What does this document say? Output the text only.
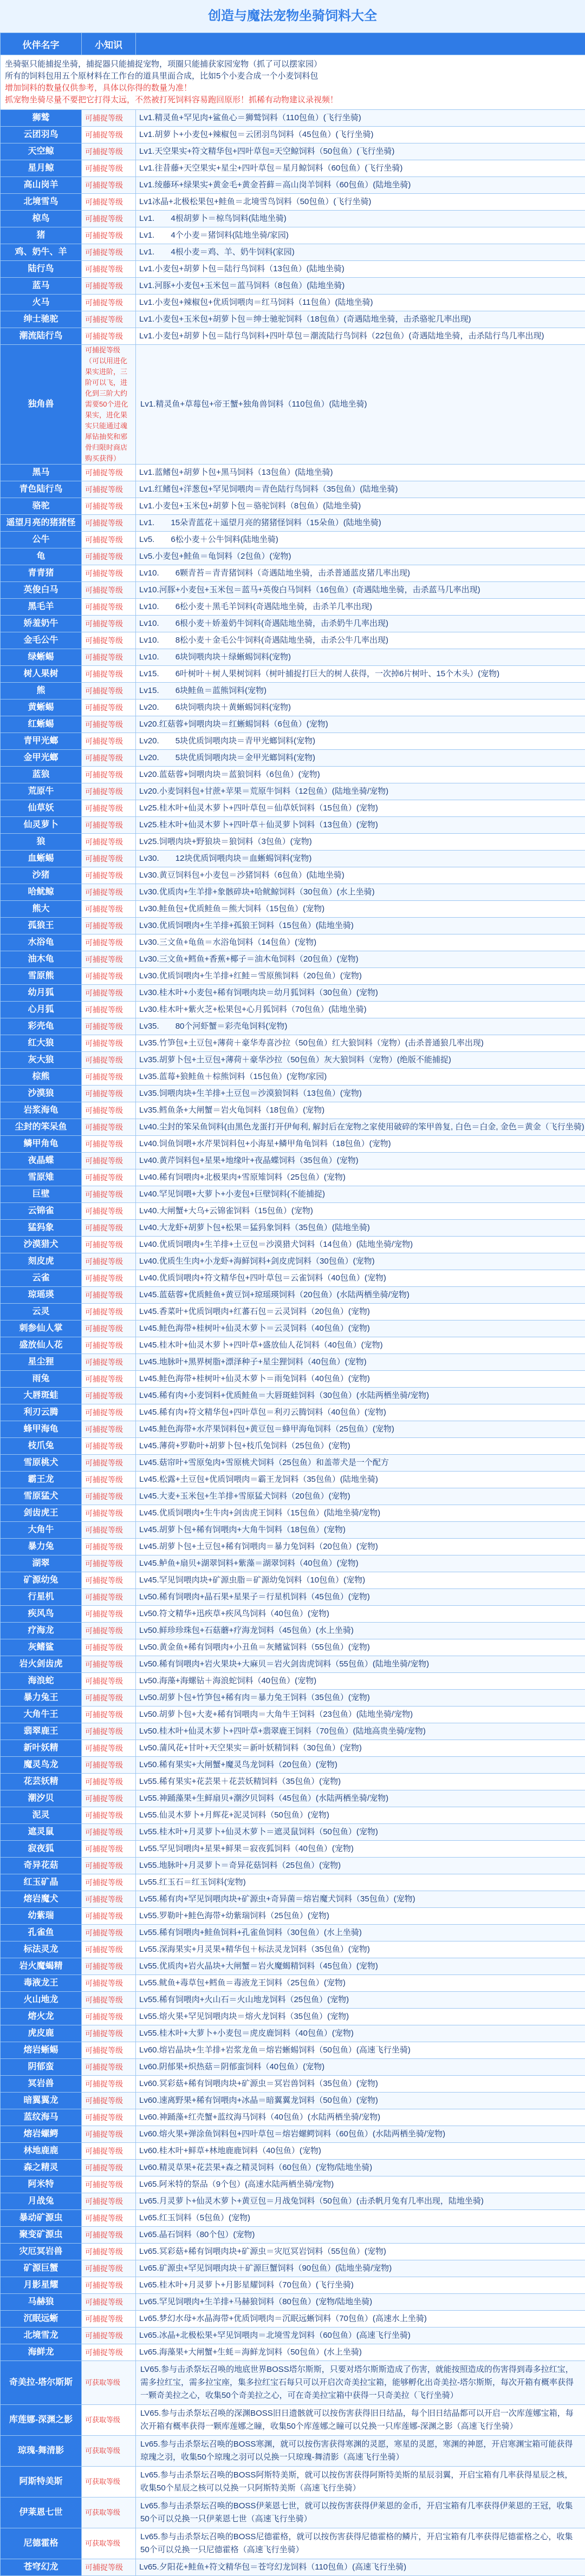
创造与魔法宠物坐骑饲料大全
伙伴名字	小知识	

坐骑驱只能捕捉坐骑，捕捉器只能捕捉宠物，项圈只能捕获家园宠物（抓了可以摆家园）
所有的饲料包用五个原材料在工作台的道具里面合成，比如5个小麦合成一个小麦饲料包
增加饲料的数量仅供参考，具体以你得的数量为准！
抓宠物坐骑尽量不要把它打得太远，不然被打死饲料容易跑回原形！抓稀有动物建议录视频！		

狮鹫	可捕捉等级	Lv1.精灵鱼+罕见肉+鲨鱼心＝狮鹫饲料（110包鱼）(飞行坐骑)
云团羽鸟	可捕捉等级	Lv1.胡萝卜+小麦包+辣椒包＝云团羽鸟饲料（45包鱼）(飞行坐骑)
天空鲸	可捕捉等级	Lv1.天空果实+符文精华包+四叶草包=天空鲸饲料（50包鱼）(飞行坐骑)
星月鲸	可捕捉等级	Lv1.往昔藤+天空果实+星尘+四叶草包＝星月鲸饲料（60包鱼）(飞行坐骑)
高山岗羊	可捕捉等级	Lv1.绫藤环+绿果实+黄金毛+黄金苔藓＝高山岗羊饲料（60包鱼）(陆地坐骑)
北境雪鸟	可捕捉等级	Lv1冰晶+北极松果包+鲑鱼＝北境雪鸟饲料（50包鱼）(飞行坐骑)
椋鸟	可捕捉等级	Lv1.　　4根胡萝卜＝椋鸟饲料(陆地坐骑)
猪	可捕捉等级	Lv1.　　4个小麦＝猪饲料(陆地坐骑/家园)
鸡、奶牛、羊	可捕捉等级	Lv1.　　4根小麦＝鸡、羊、奶牛饲料(家园)
陆行鸟	可捕捉等级	Lv1.小麦包+胡萝卜包＝陆行鸟饲料（13包鱼）(陆地坐骑)
蓝马	可捕捉等级	Lv1.河豚+小麦包+玉米包＝蓝马饲料（8包鱼）(陆地坐骑)
火马	可捕捉等级	Lv1.小麦包+辣椒包+优质饲喂肉＝红马饲料（11包鱼）(陆地坐骑)
绅士驰驼	可捕捉等级	Lv1.小麦包+玉米包+胡萝卜包＝绅士驰驼饲料（18包鱼）(奇遇陆地坐骑，击杀骆驼几率出现)
潮流陆行鸟	可捕捉等级	Lv1.小麦包+胡萝卜包＝陆行鸟饲料+四叶草包＝潮流陆行鸟饲料（22包鱼）(奇遇陆地坐骑，击杀陆行鸟几率出现)
独角兽	可捕捉等级（可以用进化果实进阶，三阶可以飞，进化到三阶大约需要50个进化果实，进化果实只能通过魂犀钻抽奖和邪骨归限时商店购买获得）	Lv1.精灵鱼+草莓包+帝王蟹+独角兽饲料（110包鱼）(陆地坐骑)
黑马	可捕捉等级	Lv1.蓝鳍包+胡萝卜包+黑马饲料（13包鱼）(陆地坐骑)
青色陆行鸟	可捕捉等级	Lv1.红鳍包+洋葱包+罕见饲喂肉＝青色陆行鸟饲料（35包鱼）(陆地坐骑)
骆驼	可捕捉等级	Lv1.小麦包+玉米包+胡萝卜包＝骆驼饲料（8包鱼）(陆地坐骑)
遥望月亮的猪猪怪	可捕捉等级	Lv1.　　15朵青蓝花＋遥望月亮的猪猪怪饲料（15朵鱼）(陆地坐骑)
公牛	可捕捉等级	Lv5.　　6松小麦＋公牛饲料(陆地坐骑)
龟	可捕捉等级	Lv5.小麦包+鲑鱼＝龟饲料（2包鱼）(宠物)
青青猪	可捕捉等级	Lv10.　　6颗青苔＝青青猪饲料（奇遇陆地坐骑，击杀普通蓝皮猪几率出现)
英俊白马	可捕捉等级	Lv10.河豚+小麦包+玉米包＝蓝马+英俊白马饲料（16包鱼）(奇遇陆地坐骑，击杀蓝马几率出现)
黑毛羊	可捕捉等级	Lv10.　　6松小麦＋黑毛羊饲料(奇遇陆地坐骑，击杀羊几率出现)
娇羞奶牛	可捕捉等级	Lv10.　　6根小麦＋娇羞奶牛饲料(奇遇陆地坐骑，击杀奶牛几率出现)
金毛公牛	可捕捉等级	Lv10.　　8松小麦＋金毛公牛饲料(奇遇陆地坐骑，击杀公牛几率出现)
绿蜥蜴	可捕捉等级	Lv10.　　6块饲喂肉块＋绿蜥蜴饲料(宠物)
树人果树	可捕捉等级	Lv15.　　6叶树叶＋树人果树饲料（树叶捕捉打巨大的树人获得，一次掉6片树叶、15个木头）(宠物)
熊	可捕捉等级	Lv15.　　6块鲑鱼＝蓝熊饲料(宠物)
黄蜥蜴	可捕捉等级	Lv20.　　6块饲喂肉块＋黄蜥蜴饲料(宠物)
红蜥蜴	可捕捉等级	Lv20.红菇蓉+饲喂肉块＝红蜥蜴饲料（6包鱼）(宠物)
青甲光螂	可捕捉等级	Lv20.　　5块优质饲喂肉块＝青甲光螂饲料(宠物)
金甲光螂	可捕捉等级	Lv20.　　5块优质饲喂肉块＝金甲光螂饲料(宠物)
蓝狼	可捕捉等级	Lv20.蓝菇蓉+饲喂肉块＝蓝狼饲料（6包鱼）(宠物)
荒原牛	可捕捉等级	Lv20.小麦饲料包+甘蔗+苹果＝荒原牛饲料（12包鱼）(陆地坐骑/宠物)
仙草妖	可捕捉等级	Lv25.桂木叶+仙灵木萝卜+四叶草包＝仙草妖饲料（15包鱼）(宠物)
仙灵萝卜	可捕捉等级	Lv25.桂木叶+仙灵木萝卜+四叶草＋仙灵萝卜饲料（13包鱼）(宠物)
狼	可捕捉等级	Lv25.饲喂肉块+野狼块＝狼饲料（3包鱼）(宠物)
血蜥蜴	可捕捉等级	Lv30.　　12块优质饲喂肉块＝血蜥蜴饲料(宠物)
沙猪	可捕捉等级	Lv30.黄豆饲料包+小麦包＝沙猪饲料（6包鱼）(陆地坐骑)
哈鱿鲸	可捕捉等级	Lv30.优质肉+生羊排+象骸碎块+哈鱿鲸饲料（30包鱼）(水上坐骑)
熊大	可捕捉等级	Lv30.鲑鱼包+优质鲑鱼＝熊大饲料（15包鱼）(宠物)
孤狼王	可捕捉等级	Lv30.优质饲喂肉+生羊排+孤狼王饲料（15包鱼）(陆地坐骑)
水浴龟	可捕捉等级	Lv30.三文鱼+龟鱼＝水浴龟饲料（14包鱼）(宠物)
油木龟	可捕捉等级	Lv30.三文鱼+鳕鱼+香蕉+椰子＝油木龟饲料（20包鱼）(宠物)
雪原熊	可捕捉等级	Lv30.优质饲喂肉+生羊排+红鲑＝雪原熊饲料（20包鱼）(宠物)
幼月狐	可捕捉等级	Lv30.桂木叶+小麦包+稀有饲喂肉块＝幼月狐饲料（30包鱼）(宠物)
心月狐	可捕捉等级	Lv30.桂木叶+紫火芝+松果包+心月狐饲料（70包鱼）(陆地坐骑)
彩壳龟	可捕捉等级	Lv35.　　80个河虾蟹＝彩壳龟饲料(宠物)
红大狼	可捕捉等级	Lv35.竹笋包+土豆包+薄荷＋豪华寿喜沙拉（50包鱼）红大狼饲料（宠物）(击杀普通狼几率出现)
灰大狼	可捕捉等级	Lv35.胡萝卜包+土豆包+薄荷＋豪华沙拉（50包鱼）灰大狼饲料（宠物）(绝版不能捕捉)
棕熊	可捕捉等级	Lv35.蓝莓+狼鲑鱼＋棕熊饲料（15包鱼）(宠物/家园)
沙漠狼	可捕捉等级	Lv35.饲喂肉块+生羊排+土豆包＝沙漠狼饲料（13包鱼）(宠物)
岩浆海龟	可捕捉等级	Lv35.鳕鱼条+大闸蟹＝岩火龟饲料（18包鱼）(宠物)
尘封的笨呆鱼	可捕捉等级	Lv40.尘封的笨呆鱼饲料(由黑色龙蛋打开伊甸利, 解封后在宠物之家使用破碎的笨甲兽复, 白色＝白金, 金色＝黄金（飞行坐骑)
鳞甲角龟	可捕捉等级	Lv40.饲鱼饲喂+水芹果饲料包+小海星+鳞甲角龟饲料（18包鱼）(宠物)
夜晶蝶	可捕捉等级	Lv40.黄芹饲料包+星果+地缘叶+夜晶蝶饲料（35包鱼）(宠物)
雪原雉	可捕捉等级	Lv40.稀有饲喂肉+北极果肉+雪原雉饲料（25包鱼）(宠物)
巨壁	可捕捉等级	Lv40.罕见饲喂+大萝卜+小麦包+巨壁饲料(不能捕捉)
云锦雀	可捕捉等级	Lv40.大闸蟹+大乌+云锦雀饲料（15包鱼）(宠物)
猛犸象	可捕捉等级	Lv40.大龙虾+胡萝卜包+松果＝猛犸象饲料（35包鱼）(陆地坐骑)
沙漠猎犬	可捕捉等级	Lv40.优质饲喂肉+生羊排+土豆包＝沙漠猎犬饲料（14包鱼）(陆地坐骑/宠物)
刻皮虎	可捕捉等级	Lv40.优质生生肉+小龙虾+海鲜饲料+剑皮虎饲料（30包鱼）(宠物)
云雀	可捕捉等级	Lv40.优质饲喂肉+符文精华包+四叶草包＝云雀饲料（40包鱼）(宠物)
琼瑶瑛	可捕捉等级	Lv45.蓝菇蓉+优质鲑鱼+黄豆饲+琼瑶瑛饲料（20包鱼）(水陆两栖坐骑/宠物)
云灵	可捕捉等级	Lv45.香菜叶+优质饲喂肉+红蕃石包＝云灵饲料（20包鱼）(宠物)
刺参仙人掌	可捕捉等级	Lv45.鲑色海带+桂树叶+仙灵木萝卜＝云灵饲料（40包鱼）(宠物)
盛放仙人花	可捕捉等级	Lv45.桂木叶+仙灵木萝卜+四叶草+盛放仙人花饲料（40包鱼）(宠物)
星尘狸	可捕捉等级	Lv45.地脉叶+黑界树脂+漂泽种子+星尘狸饲料（40包鱼）(宠物)
雨兔	可捕捉等级	Lv45.鲑色海带+桂树叶+仙灵木萝卜＝雨兔饲料（40包鱼）(宠物)
大唇斑蛙	可捕捉等级	Lv45.稀有肉+小麦饲料+优质鲑鱼＝大唇斑蛙饲料（30包鱼）(水陆两栖坐骑/宠物)
利刃云腾	可捕捉等级	Lv45.稀有肉+符文精华包+四叶草包＝利刃云腾饲料（40包鱼）(宠物)
蜂甲海龟	可捕捉等级	Lv45.鲑色海带+水芹果饲料包+黄豆包＝蜂甲海龟饲料（25包鱼）(宠物)
枝爪兔	可捕捉等级	Lv45.薄荷+罗勒叶+胡萝卜包+枝爪兔饲料（25包鱼）(宠物)
雪原桃犬	可捕捉等级	Lv45.菇帘叶+雪原兔肉+雪原桃犬饲料（25包鱼）和盖蒂犬是一个配方
霸王龙	可捕捉等级	Lv45.松露+土豆包+优质饲喂肉＝霸王龙饲料（35包鱼）(陆地坐骑)
雪原猛犬	可捕捉等级	Lv45.大麦+玉米包+生羊排+雪原猛犬饲料（20包鱼）(宠物)
剑齿虎王	可捕捉等级	Lv45.优质饲喂肉+生牛肉+剑齿虎王饲料（15包鱼）(陆地坐骑/宠物)
大角牛	可捕捉等级	Lv45.胡萝卜包+稀有饲喂肉+大角牛饲料（18包鱼）(宠物)
暴力兔	可捕捉等级	Lv45.胡萝卜包+土豆包+稀有饲喂肉＝暴力兔饲料（20包鱼）(宠物)
湖翠	可捕捉等级	Lv45.鲈鱼+扇贝+湖翠饲料+紫藻＝湖翠饲料（40包鱼）(宠物)
矿源幼兔	可捕捉等级	Lv45.罕见饲喂肉块+矿源虫脂＝矿源幼兔饲料（10包鱼）(宠物)
行星机	可捕捉等级	Lv50.稀有饲喂肉+晶石果+星果子＝行星机饲料（45包鱼）(宠物)
疾风鸟	可捕捉等级	Lv50.符文精华+迅疾草+疾风鸟饲料（40包鱼）(宠物)
疗海龙	可捕捉等级	Lv50.鲜珍珍珠包+石菇蘑+疗海龙饲料（45包鱼）(水上坐骑)
灰鳍鲨	可捕捉等级	Lv50.黄金鱼+稀有饲喂肉+小丑鱼＝灰鳍鲨饲料（55包鱼）(宠物)
岩火剑齿虎	可捕捉等级	Lv50.稀有饲喂肉+岩火果块+大麻贝＝岩火剑齿虎饲料（55包鱼）(陆地坐骑/宠物)
海浪蛇	可捕捉等级	Lv50.海藻+海螺钻＋海浪蛇饲料（40包鱼）(宠物)
暴力兔王	可捕捉等级	Lv50.胡萝卜包+竹笋包+稀有肉＝暴力兔王饲料（35包鱼）(宠物)
大角牛王	可捕捉等级	Lv50.胡萝卜包+大麦+稀有饲喂肉＝大角牛王饲料（23包鱼）(陆地坐骑/宠物)
翡翠鹿王	可捕捉等级	Lv50.桂木叶+仙灵木萝卜+四叶草+翡翠鹿王饲料（70包鱼）(陆地高贵坐骑/宠物)
新叶妖精	可捕捉等级	Lv50.蒲风花+甘叶+天空果实＝新叶妖精饲料（30包鱼）(宠物)
魔灵鸟龙	可捕捉等级	Lv50.稀有果实+大闸蟹+魔灵鸟龙饲料（20包鱼）(宠物)
花芸妖精	可捕捉等级	Lv55.稀有果实+花芸果＋花芸妖精饲料（35包鱼）(宠物)
潮汐贝	可捕捉等级	Lv55.神踊藻果+生鲜扇贝+潮汐贝饲料（45包鱼）(水陆两栖坐骑/宠物)
泥灵	可捕捉等级	Lv55.仙灵木萝卜+月辉花+泥灵饲料（50包鱼）(宠物)
遮灵鼠	可捕捉等级	Lv55.桂木叶+月灵萝卜+仙灵木萝卜＝遮灵鼠饲料（50包鱼）(宠物)
寂夜狐	可捕捉等级	Lv55.罕见饲喂肉+星果+鲜果＝寂夜狐饲料（40包鱼）(宠物)
奇异花菇	可捕捉等级	Lv55.地脉叶+月灵萝卜＝奇异花菇饲料（25包鱼）(宠物)
红玉矿晶	可捕捉等级	Lv55.红玉石＝红玉饲料(宠物)
熔岩魔犬	可捕捉等级	Lv55.稀有肉+罕见饲喂肉块+矿源虫+奇异菌＝熔岩魔犬饲料（35包鱼）(宠物)
幼紫瑞	可捕捉等级	Lv55.罗勒叶+鲑色海带+幼紫瑞饲料（25包鱼）(宠物)
孔雀鱼	可捕捉等级	Lv55.稀有饲喂肉+鲑鱼饲料+孔雀鱼饲料（30包鱼）(水上坐骑)
标法灵龙	可捕捉等级	Lv55.深海果实+月灵果+精华包＋标法灵龙饲料（35包鱼）(宠物)
岩火魔蝎精	可捕捉等级	Lv55.优质肉+岩火晶块+大闸蟹＝岩火魔蝎精饲料（45包鱼）(宠物)
毒液龙王	可捕捉等级	Lv55.鱿鱼+毒草包+鳕鱼＝毒液龙王饲料（25包鱼）(宠物)
火山地龙	可捕捉等级	Lv55.稀有饲喂肉+火山石＝火山地龙饲料（25包鱼）(宠物)
熔火龙	可捕捉等级	Lv55.熔火果+罕见饲喂肉块＝熔火龙饲料（35包鱼）(宠物)
虎皮鹿	可捕捉等级	Lv55.桂木叶+大萝卜+小麦包＝虎皮鹿饲料（40包鱼）(宠物)
熔岩蜥蜴	可捕捉等级	Lv60.熔岩晶块+生羊排+岩浆龙鱼＝熔岩蜥蜴饲料（50包鱼）(高速飞行坐骑)
阴郁蛮	可捕捉等级	Lv60.阴郁果+炽热菇＝阴郁蛮饲料（40包鱼）(宠物)
冥岩兽	可捕捉等级	Lv60.冥彩菇+稀有饲喂肉块+矿源虫＝冥岩兽饲料（35包鱼）(宠物)
暗翼翼龙	可捕捉等级	Lv60.速离野果+稀有饲喂肉+冰晶＝暗翼翼龙饲料（50包鱼）(宠物)
蓝纹海马	可捕捉等级	Lv60.神踊藻+红壳蟹+蓝纹海马饲料（40包鱼）(水陆两栖坐骑/宠物)
熔岩螺鳄	可捕捉等级	Lv60.熔火果+弹涂鱼饲料包+四叶草包＝熔岩螺鳄饲料（60包鱼）(水陆两栖坐骑/宠物)
林地鹿鹿	可捕捉等级	Lv60.桂木叶+鲜草+林地鹿鹿饲料（40包鱼）(宠物)
森之精灵	可捕捉等级	Lv60.精灵草果+花芸果+森之精灵饲料（60包鱼）(宠物/陆地坐骑)
阿米特	可捕捉等级	Lv65.阿米特的祭品（9个包）(高速水陆两栖坐骑/宠物)
月战兔	可捕捉等级	Lv65.月灵萝卜+仙灵木萝卜+黄豆包＝月战兔饲料（50包鱼）(击杀帆月兔有几率出现，陆地坐骑)
暴动矿源虫	可捕捉等级	Lv65.红玉饲料（5包鱼）(宠物)
聚变矿源虫	可捕捉等级	Lv65.晶石饲料（80个包）(宠物)
灾厄冥岩兽	可捕捉等级	Lv65.冥彩菇+稀有饲喂肉块+矿源虫＝灾厄冥岩饲料（55包鱼）(宠物)
矿源巨蟹	可捕捉等级	Lv65.矿源虫+罕见饲喂肉块＋矿源巨蟹饲料（90包鱼）(陆地坐骑/宠物)
月影星耀	可捕捉等级	Lv65.桂木叶+月灵萝卜+月影星耀饲料（70包鱼）(飞行坐骑)
马赫狼	可捕捉等级	Lv65.罕见饲喂肉+生羊排+马赫狼饲料（80包鱼）(宠物/陆地坐骑)
沉眠远蜥	可捕捉等级	Lv65.梦幻水母+水晶海带+优质饲喂肉＝沉眠远蜥饲料（70包鱼）(高速水上坐骑)
北境雪龙	可捕捉等级	Lv65.冰晶+北极松果+罕见饲喂肉＝北境雪龙饲料（60包鱼）(高速飞行坐骑)
海鲜龙	可捕捉等级	Lv65.海藻果+大闸蟹+生蚝＝海鲜龙饲料（50包鱼）(水上坐骑)
奇美拉-塔尔斯斯	可获取等级	LV65.参与击杀祭坛召唤的地底世界BOSS塔尔斯斯，只要对塔尔斯斯造成了伤害，就能按照造成的伤害得到毒多拉红宝，需多拉红宝，需多拉宝座，集多拉红宝石每只可以开启次奇美拉宝箱，能够孵化出奇美拉-塔尔斯斯，每次开箱有概率获得一颗奇美拉之心，收集50个奇美拉之心，可在奇美拉宝箱中获得一只奇美拉（飞行坐骑）
库莲娜-深渊之影	可获取等级	LV65.参与击杀祭坛召唤的深渊BOSS旧日遗骸就可以按伤害获得旧日结晶，每个旧日结晶都可以开启一次库莲娜宝箱，每次开箱有概率获得一颗库莲娜之瞳，收集50个库莲娜之瞳可以兑换一只库莲娜-深渊之影（高速飞行坐骑）
琼瑰-舞清影	可获取等级	Lv65.参与击杀祭坛召唤的BOSS寒渊，就可以按伤害获得寒渊的灵愿，寒星的灵愿，寒渊的神愿，开启寒渊宝箱可能获得琼瑰之羽，收集50个琼瑰之羽可以兑换一只琼瑰-舞清影（高速飞行坐骑）
阿斯特美斯	可获取等级	Lv65.参与击杀祭坛召唤的BOSS阿斯特美斯，就可以按伤害获得阿斯特美斯的星辰羽翼，开启宝箱有几率获得星辰之核，收集50个星辰之核可以兑换一只阿斯特美斯（高速飞行坐骑）
伊莱恩七世	可获取等级	Lv65.参与击杀祭坛召唤的BOSS伊莱恩七世，就可以按伤害获得伊莱恩的金币，开启宝箱有几率获得伊莱恩的王冠，收集50个可以兑换一只伊莱恩七世（高速飞行坐骑）
尼德霍格	可获取等级	Lv65.参与击杀祭坛召唤的BOSS尼德霍格，就可以按伤害获得尼德霍格的鳞片，开启宝箱有几率获得尼德霍格之心，收集50个可以兑换一只尼德霍格（高速飞行坐骑）
苍穹幻龙	可捕捉等级	Lv65.夕阳花+鲑鱼+符文精华包＝苍穹幻龙饲料（110包鱼）(高速飞行坐骑)
